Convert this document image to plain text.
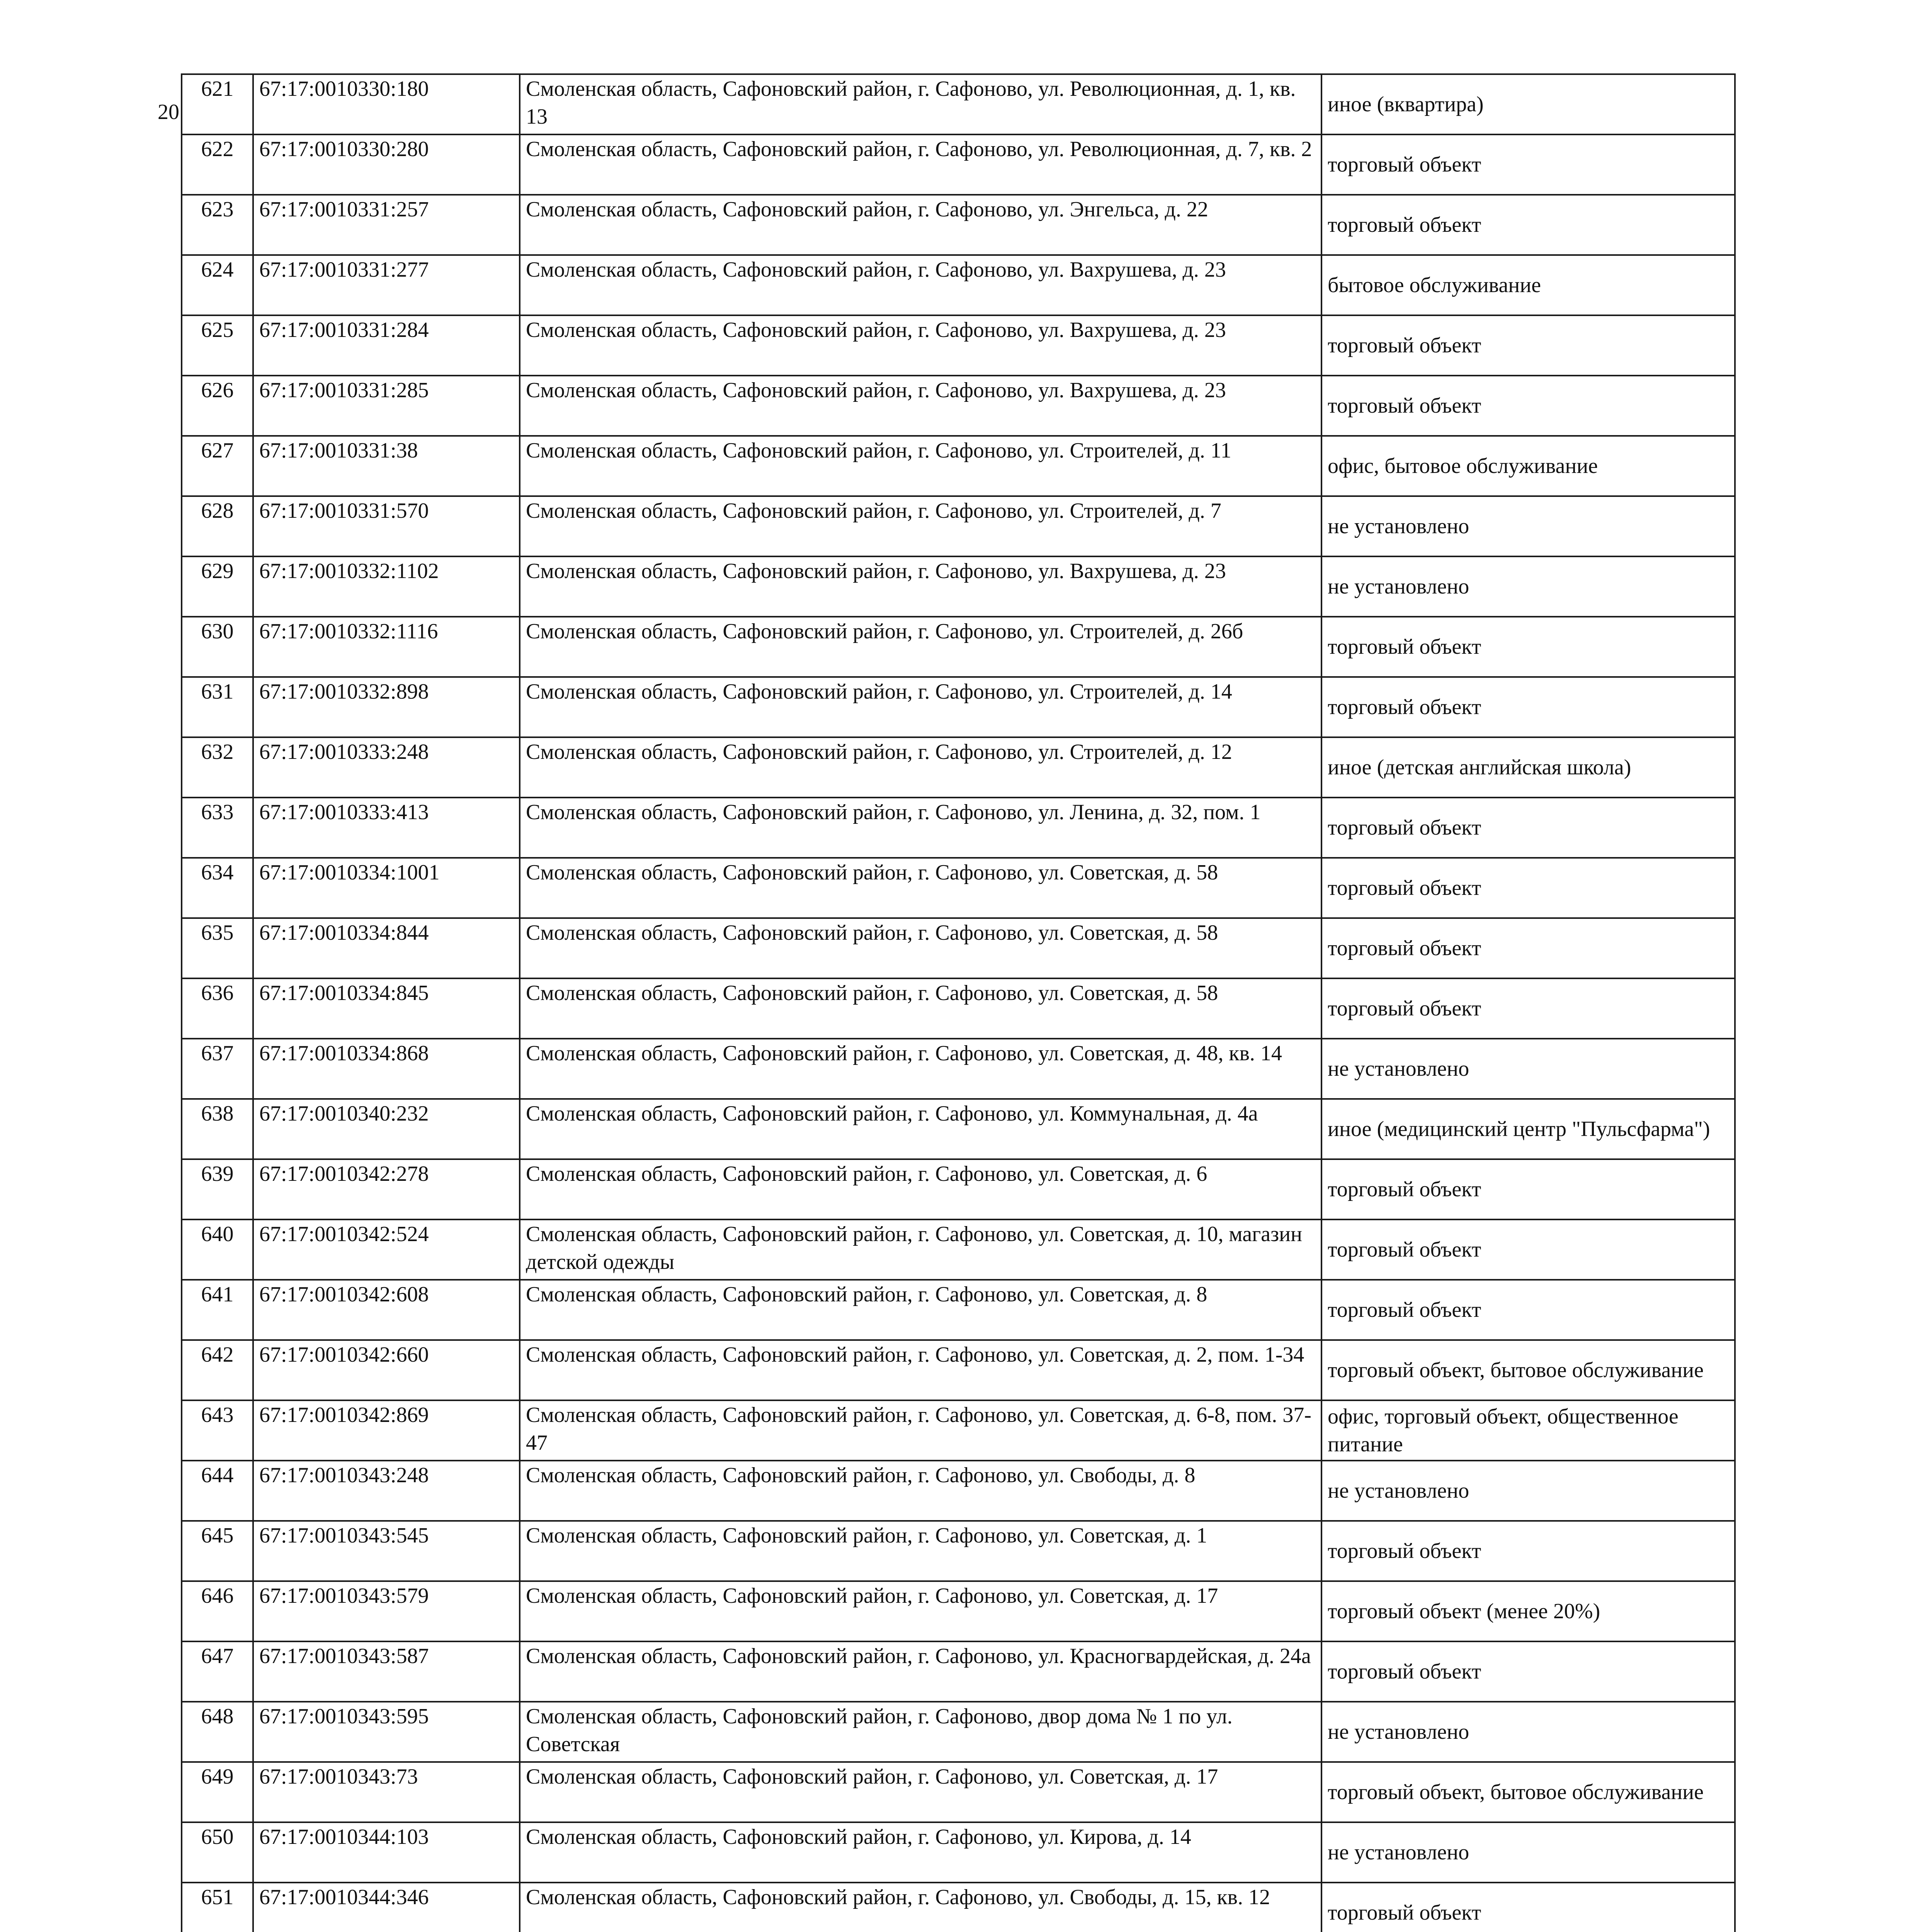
20
621	67:17:0010330:180	Смоленская область, Сафоновский район, г. Сафоново, ул. Революционная, д. 1, кв. 13	иное (вквартира)
622	67:17:0010330:280	Смоленская область, Сафоновский район, г. Сафоново, ул. Революционная, д. 7, кв. 2	торговый объект
623	67:17:0010331:257	Смоленская область, Сафоновский район, г. Сафоново, ул. Энгельса, д. 22	торговый объект
624	67:17:0010331:277	Смоленская область, Сафоновский район, г. Сафоново, ул. Вахрушева, д. 23	бытовое обслуживание
625	67:17:0010331:284	Смоленская область, Сафоновский район, г. Сафоново, ул. Вахрушева, д. 23	торговый объект
626	67:17:0010331:285	Смоленская область, Сафоновский район, г. Сафоново, ул. Вахрушева, д. 23	торговый объект
627	67:17:0010331:38	Смоленская область, Сафоновский район, г. Сафоново, ул. Строителей, д. 11	офис, бытовое обслуживание
628	67:17:0010331:570	Смоленская область, Сафоновский район, г. Сафоново, ул. Строителей, д. 7	не установлено
629	67:17:0010332:1102	Смоленская область, Сафоновский район, г. Сафоново, ул. Вахрушева, д. 23	не установлено
630	67:17:0010332:1116	Смоленская область, Сафоновский район, г. Сафоново, ул. Строителей, д. 26б	торговый объект
631	67:17:0010332:898	Смоленская область, Сафоновский район, г. Сафоново, ул. Строителей, д. 14	торговый объект
632	67:17:0010333:248	Смоленская область, Сафоновский район, г. Сафоново, ул. Строителей, д. 12	иное (детская английская школа)
633	67:17:0010333:413	Смоленская область, Сафоновский район, г. Сафоново, ул. Ленина, д. 32, пом. 1	торговый объект
634	67:17:0010334:1001	Смоленская область, Сафоновский район, г. Сафоново, ул. Советская, д. 58	торговый объект
635	67:17:0010334:844	Смоленская область, Сафоновский район, г. Сафоново, ул. Советская, д. 58	торговый объект
636	67:17:0010334:845	Смоленская область, Сафоновский район, г. Сафоново, ул. Советская, д. 58	торговый объект
637	67:17:0010334:868	Смоленская область, Сафоновский район, г. Сафоново, ул. Советская, д. 48, кв. 14	не установлено
638	67:17:0010340:232	Смоленская область, Сафоновский район, г. Сафоново, ул. Коммунальная, д. 4а	иное (медицинский центр "Пульсфарма")
639	67:17:0010342:278	Смоленская область, Сафоновский район, г. Сафоново, ул. Советская, д. 6	торговый объект
640	67:17:0010342:524	Смоленская область, Сафоновский район, г. Сафоново, ул. Советская, д. 10, магазин детской одежды	торговый объект
641	67:17:0010342:608	Смоленская область, Сафоновский район, г. Сафоново, ул. Советская, д. 8	торговый объект
642	67:17:0010342:660	Смоленская область, Сафоновский район, г. Сафоново, ул. Советская, д. 2, пом. 1-34	торговый объект, бытовое обслуживание
643	67:17:0010342:869	Смоленская область, Сафоновский район, г. Сафоново, ул. Советская, д. 6-8, пом. 37-47	офис, торговый объект, общественное питание
644	67:17:0010343:248	Смоленская область, Сафоновский район, г. Сафоново, ул. Свободы, д. 8	не установлено
645	67:17:0010343:545	Смоленская область, Сафоновский район, г. Сафоново, ул. Советская, д. 1	торговый объект
646	67:17:0010343:579	Смоленская область, Сафоновский район, г. Сафоново, ул. Советская, д. 17	торговый объект (менее 20%)
647	67:17:0010343:587	Смоленская область, Сафоновский район, г. Сафоново, ул. Красногвардейская, д. 24а	торговый объект
648	67:17:0010343:595	Смоленская область, Сафоновский район, г. Сафоново, двор дома № 1 по ул. Советская	не установлено
649	67:17:0010343:73	Смоленская область, Сафоновский район, г. Сафоново, ул. Советская, д. 17	торговый объект, бытовое обслуживание
650	67:17:0010344:103	Смоленская область, Сафоновский район, г. Сафоново, ул. Кирова, д. 14	не установлено
651	67:17:0010344:346	Смоленская область, Сафоновский район, г. Сафоново, ул. Свободы, д. 15, кв. 12	торговый объект
